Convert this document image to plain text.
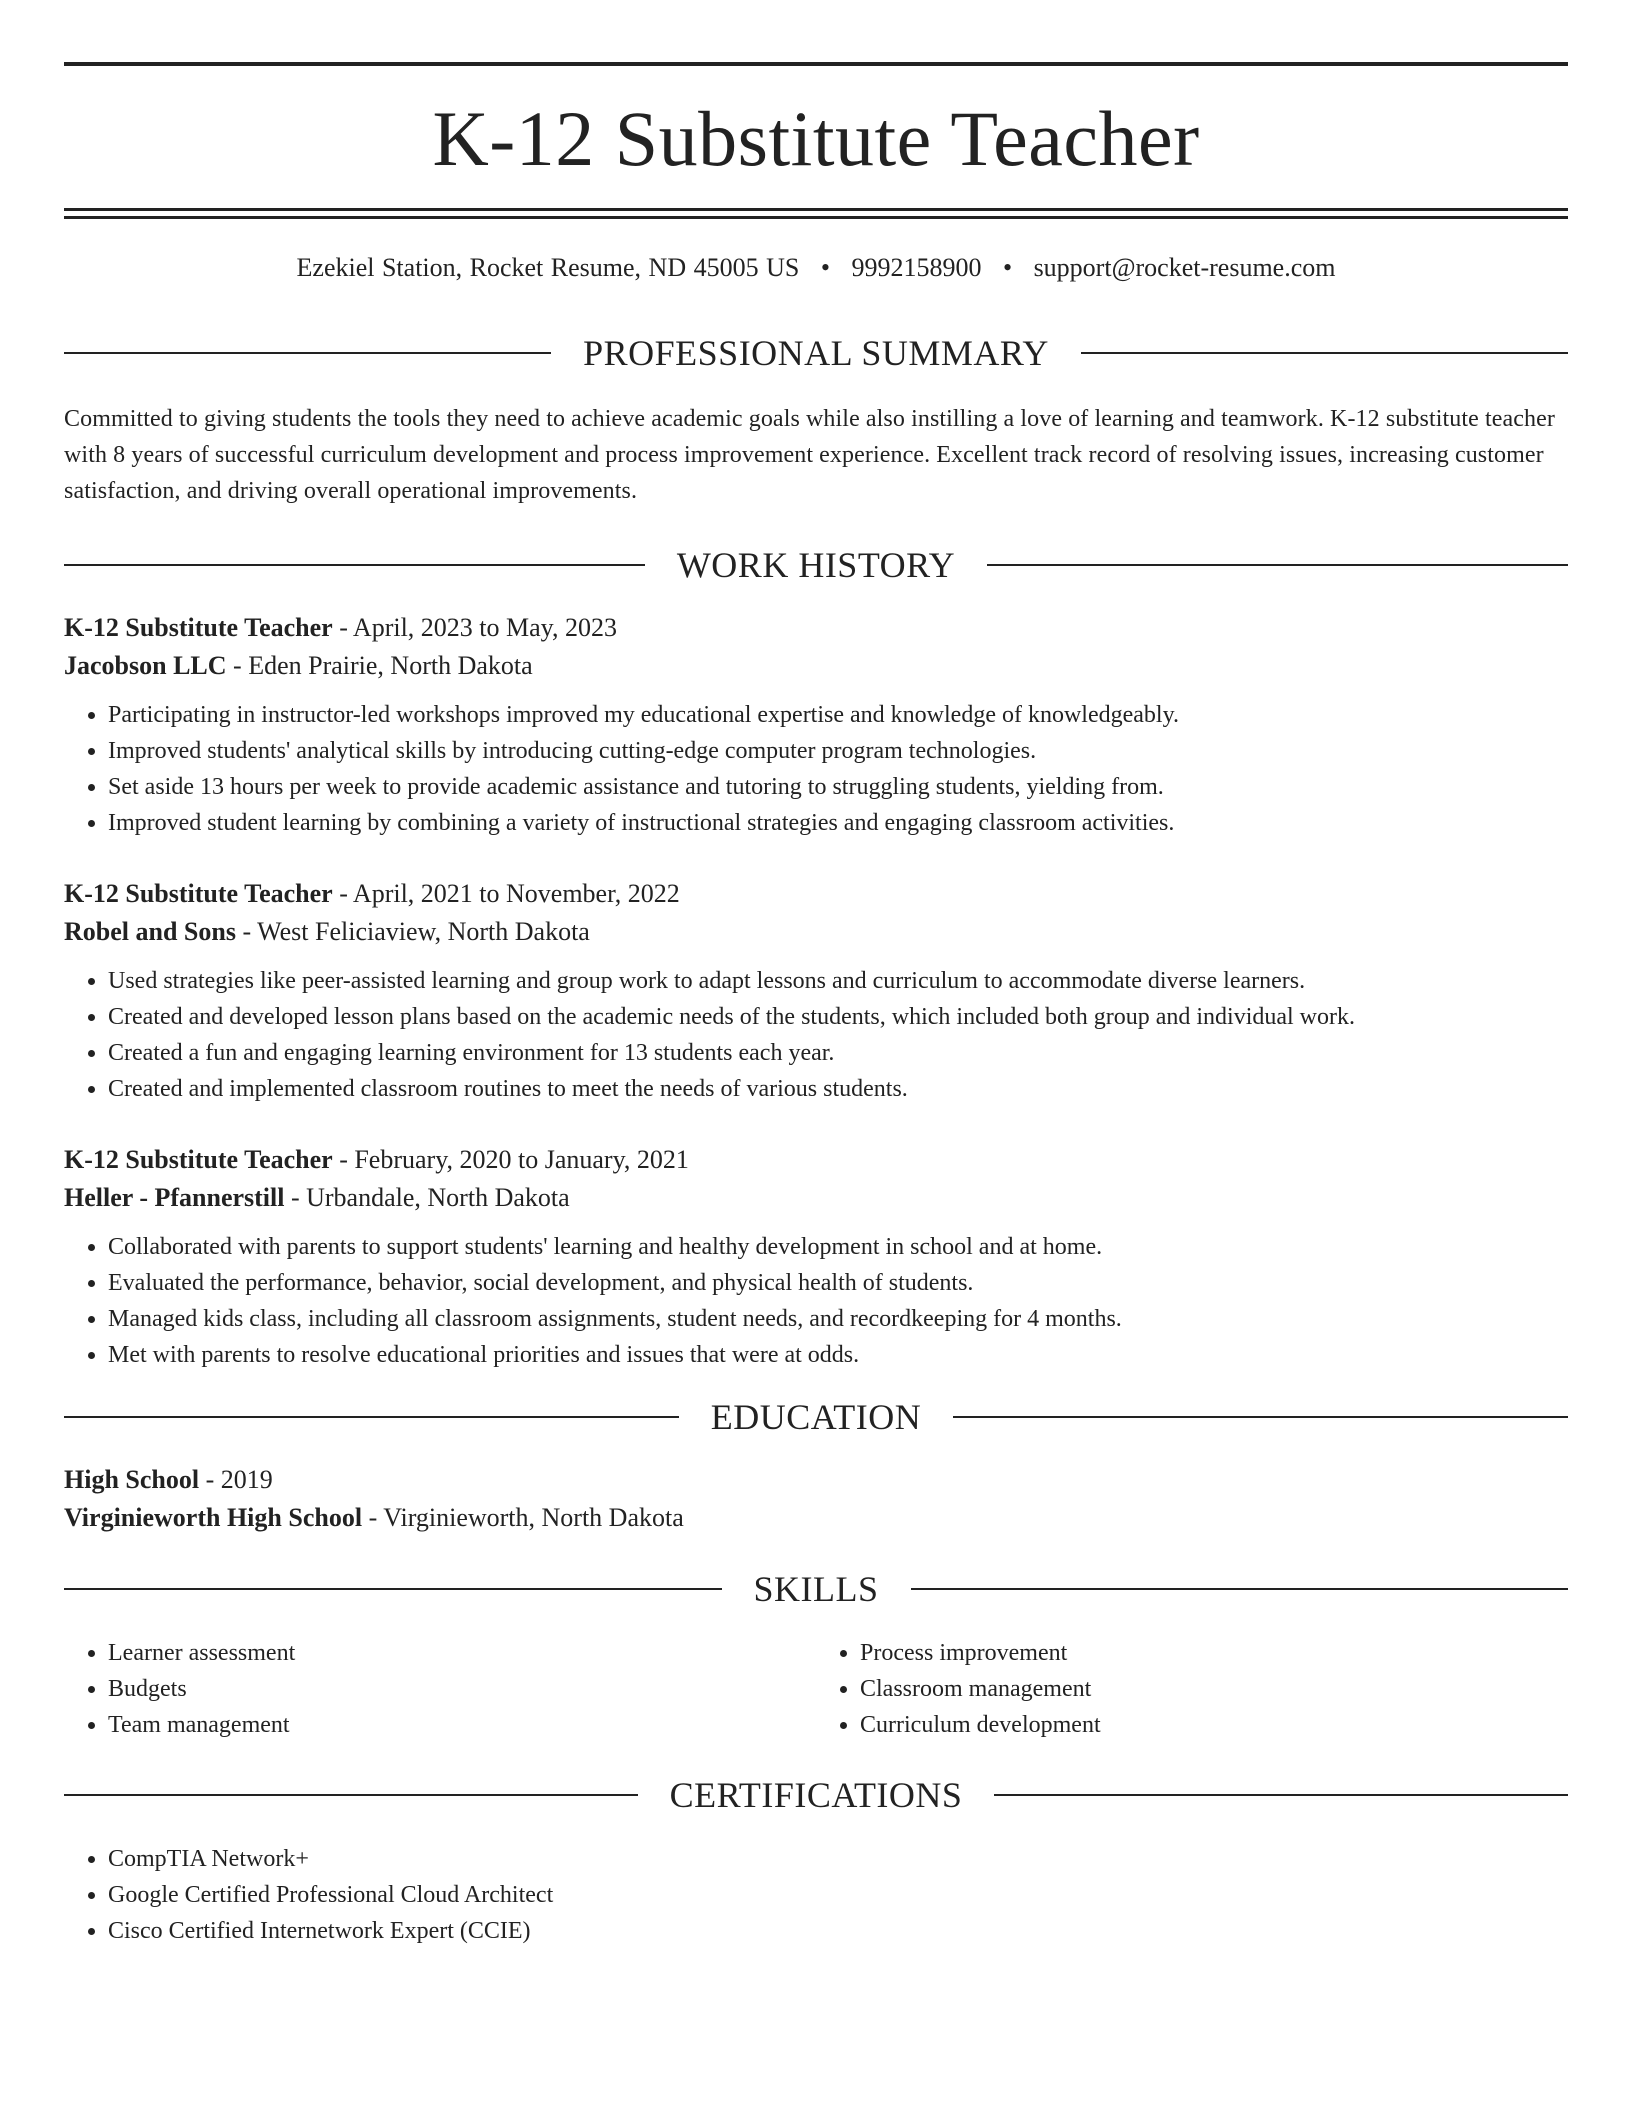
K-12 Substitute Teacher
Ezekiel Station, Rocket Resume, ND 45005 US • 9992158900 • support@rocket-resume.com
PROFESSIONAL SUMMARY
Committed to giving students the tools they need to achieve academic goals while also instilling a love of learning and teamwork. K-12 substitute teacher with 8 years of successful curriculum development and process improvement experience. Excellent track record of resolving issues, increasing customer satisfaction, and driving overall operational improvements.
WORK HISTORY
K-12 Substitute Teacher - April, 2023 to May, 2023
Jacobson LLC - Eden Prairie, North Dakota
• Participating in instructor-led workshops improved my educational expertise and knowledge of knowledgeably.
• Improved students' analytical skills by introducing cutting-edge computer program technologies.
• Set aside 13 hours per week to provide academic assistance and tutoring to struggling students, yielding from.
• Improved student learning by combining a variety of instructional strategies and engaging classroom activities.
K-12 Substitute Teacher - April, 2021 to November, 2022
Robel and Sons - West Feliciaview, North Dakota
• Used strategies like peer-assisted learning and group work to adapt lessons and curriculum to accommodate diverse learners.
• Created and developed lesson plans based on the academic needs of the students, which included both group and individual work.
• Created a fun and engaging learning environment for 13 students each year.
• Created and implemented classroom routines to meet the needs of various students.
K-12 Substitute Teacher - February, 2020 to January, 2021
Heller - Pfannerstill - Urbandale, North Dakota
• Collaborated with parents to support students' learning and healthy development in school and at home.
• Evaluated the performance, behavior, social development, and physical health of students.
• Managed kids class, including all classroom assignments, student needs, and recordkeeping for 4 months.
• Met with parents to resolve educational priorities and issues that were at odds.
EDUCATION
High School - 2019
Virginieworth High School - Virginieworth, North Dakota
SKILLS
• Learner assessment
• Budgets
• Team management
• Process improvement
• Classroom management
• Curriculum development
CERTIFICATIONS
• CompTIA Network+
• Google Certified Professional Cloud Architect
• Cisco Certified Internetwork Expert (CCIE)
